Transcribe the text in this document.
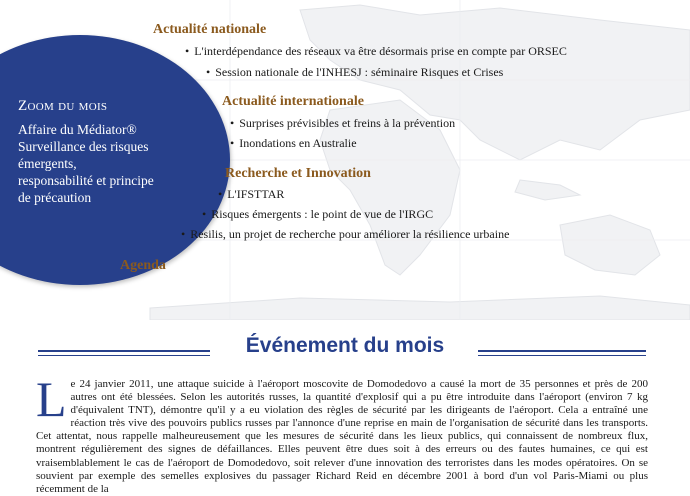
Zoom du mois
Affaire du Médiator®
Surveillance des risques
émergents,
responsabilité et principe
de précaution
Actualité nationale
• L'interdépendance des réseaux va être désormais prise en compte par ORSEC
• Session nationale de l'INHESJ : séminaire Risques et Crises
Actualité internationale
• Surprises prévisibles et freins à la prévention
• Inondations en Australie
Recherche et Innovation
• L'IFSTTAR
• Risques émergents : le point de vue de l'IRGC
• Resilis, un projet de recherche pour améliorer la résilience urbaine
Agenda
Événement du mois
Le 24 janvier 2011, une attaque suicide à l'aéroport moscovite de Domodedovo a causé la mort de 35 personnes et près de 200 autres ont été blessées. Selon les autorités russes, la quantité d'explosif qui a pu être introduite dans l'aéroport (environ 7 kg d'équivalent TNT), démontre qu'il y a eu violation des règles de sécurité par les dirigeants de l'aéroport. Cela a entraîné une réaction très vive des pouvoirs publics russes par l'annonce d'une reprise en main de l'organisation de sécurité dans les transports. Cet attentat, nous rappelle malheureusement que les mesures de sécurité dans les lieux publics, qui connaissent de nombreux flux, montrent régulièrement des signes de défaillances. Elles peuvent être dues soit à des erreurs ou des fautes humaines, ce qui est vraisemblablement le cas de l'aéroport de Domodedovo, soit relever d'une innovation des terroristes dans les modes opératoires. On se souvient par exemple des semelles explosives du passager Richard Reid en décembre 2001 à bord d'un vol Paris-Miami ou plus récemment de la
